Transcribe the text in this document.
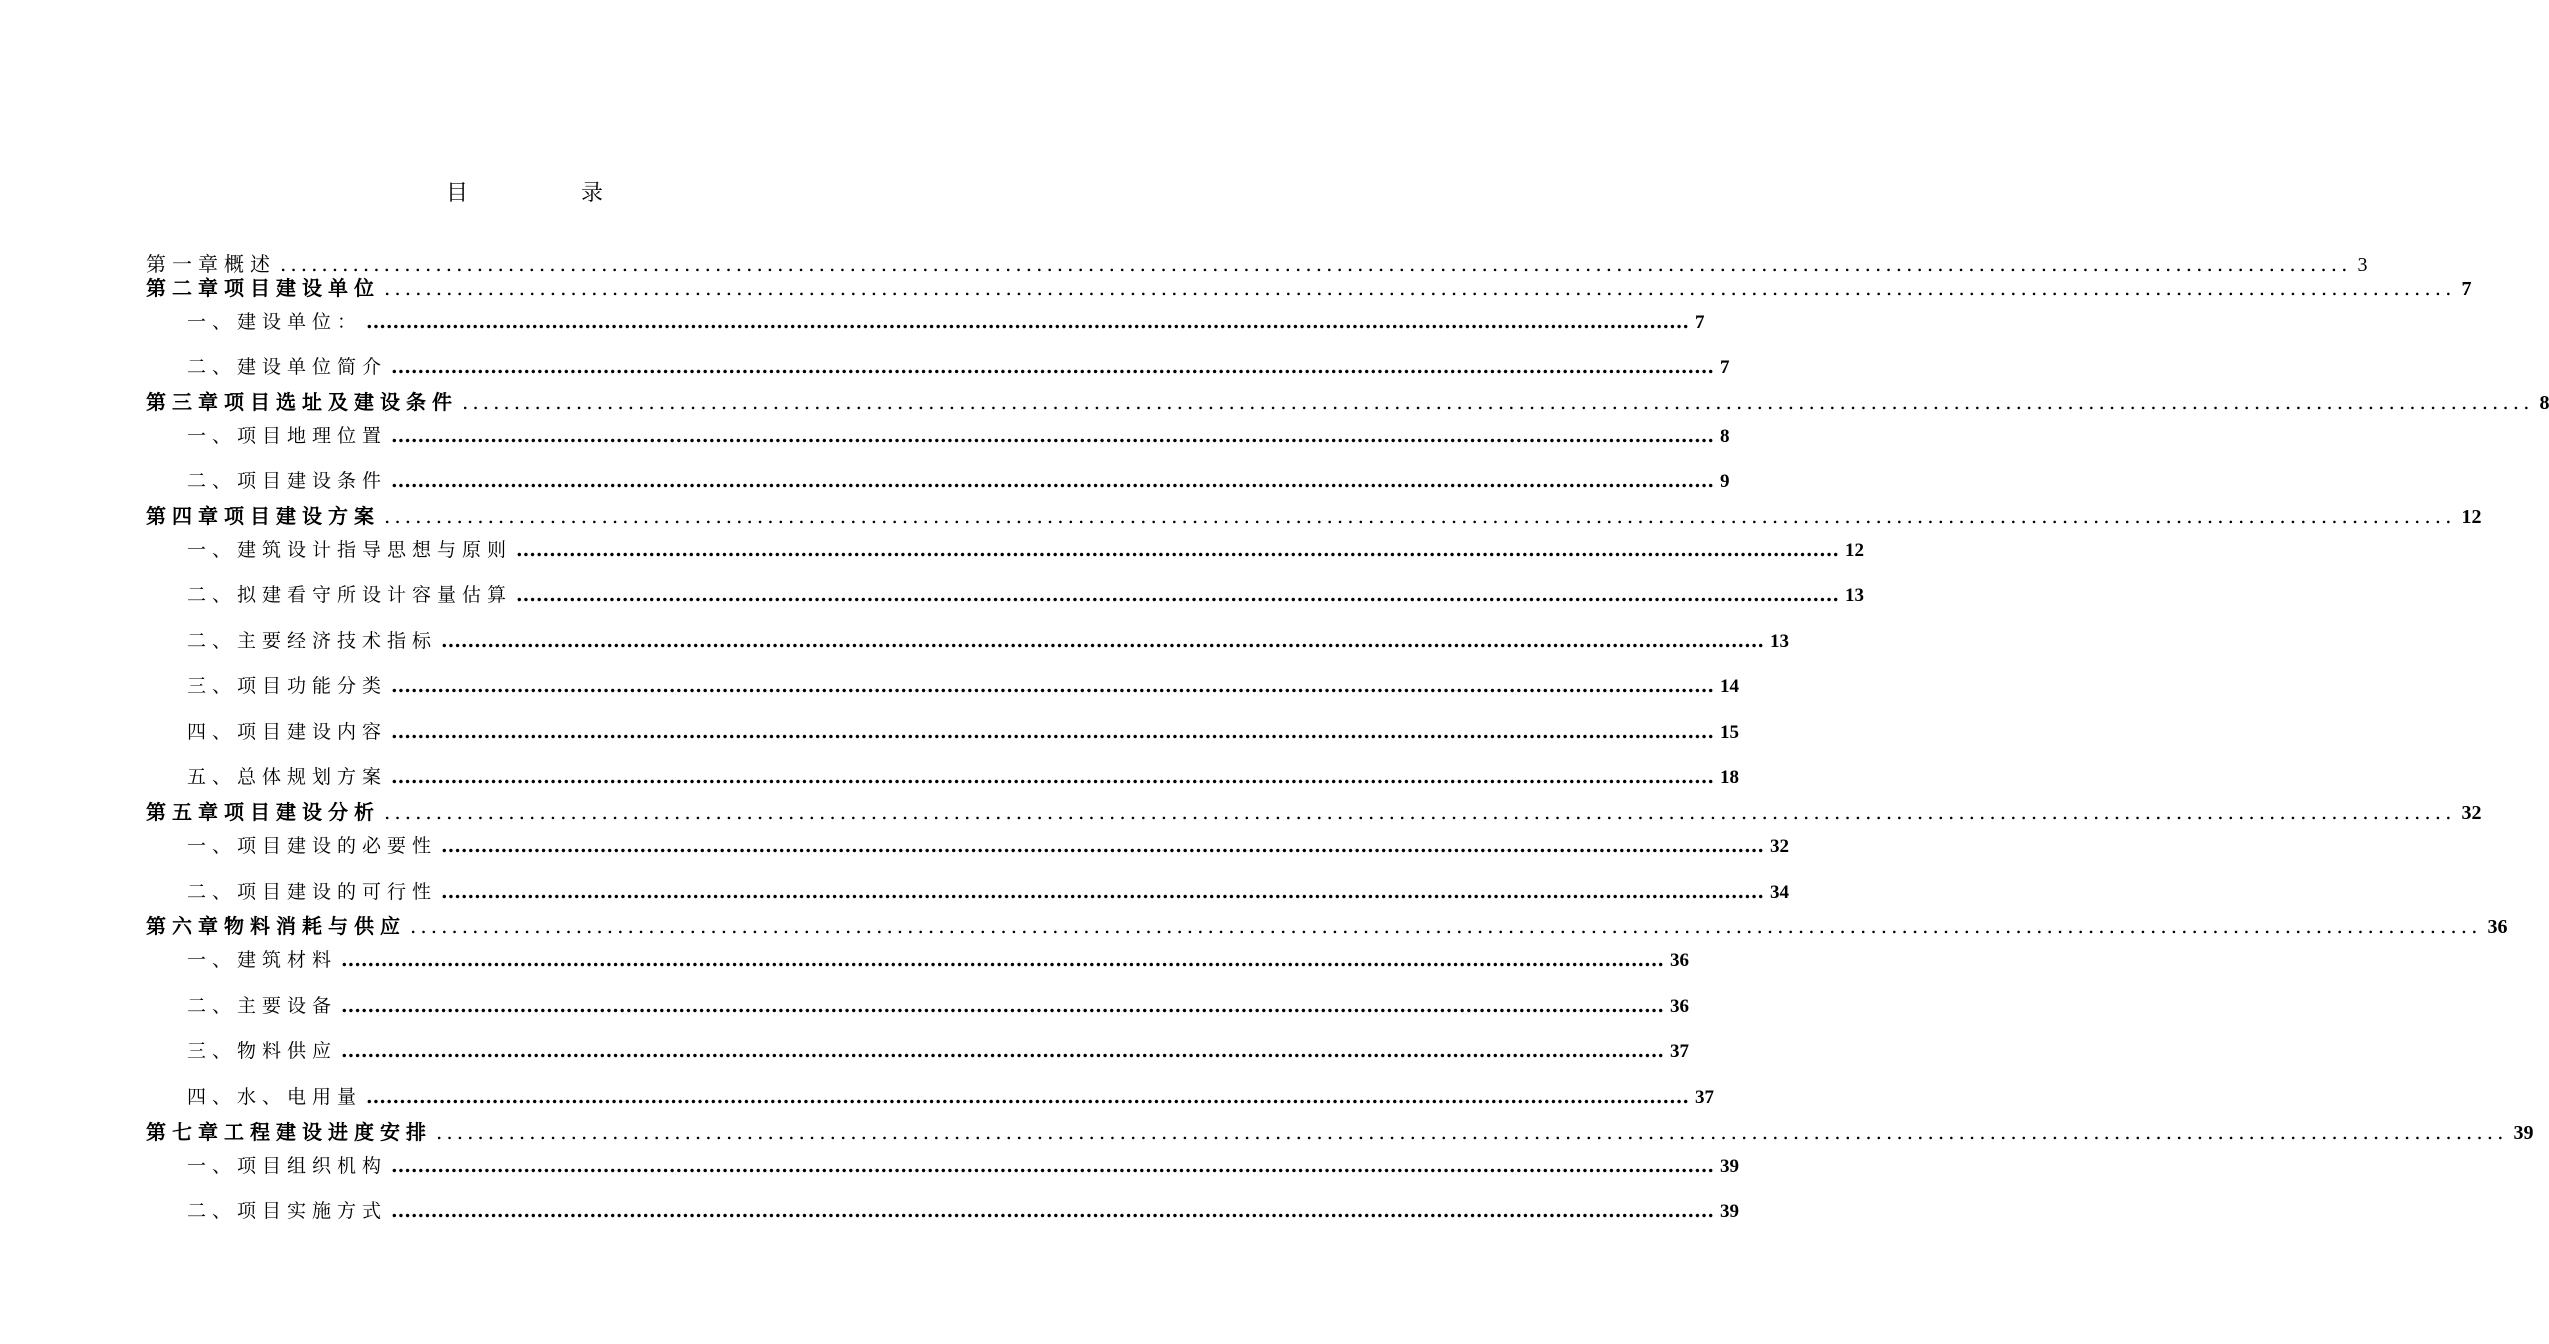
目	录
第一章 概述 ........................................................................................................................................................................................................ 3
第二章 项目建设单位 ........................................................................................................................................................................................................ 7
一、 建设单位： ........................................................................................................................................................................................................ 7
二、 建设单位简介 ........................................................................................................................................................................................................ 7
第三章 项目选址及建设条件 ........................................................................................................................................................................................................ 8
一、 项目地理位置 ........................................................................................................................................................................................................ 8
二、 项目建设条件 ........................................................................................................................................................................................................ 9
第四章 项目建设方案 ........................................................................................................................................................................................................ 12
一、 建筑设计指导思想与原则 ........................................................................................................................................................................................................ 12
二、 拟建看守所设计容量估算 ........................................................................................................................................................................................................ 13
二、 主要经济技术指标 ........................................................................................................................................................................................................ 13
三、 项目功能分类 ........................................................................................................................................................................................................ 14
四、 项目建设内容 ........................................................................................................................................................................................................ 15
五、 总体规划方案 ........................................................................................................................................................................................................ 18
第五章 项目建设分析 ........................................................................................................................................................................................................ 32
一、 项目建设的必要性 ........................................................................................................................................................................................................ 32
二、 项目建设的可行性 ........................................................................................................................................................................................................ 34
第六章 物料消耗与供应 ........................................................................................................................................................................................................ 36
一、 建筑材料 ........................................................................................................................................................................................................ 36
二、 主要设备 ........................................................................................................................................................................................................ 36
三、 物料供应 ........................................................................................................................................................................................................ 37
四、 水、电用量 ........................................................................................................................................................................................................ 37
第七章 工程建设进度安排 ........................................................................................................................................................................................................ 39
一、 项目组织机构 ........................................................................................................................................................................................................ 39
二、 项目实施方式 ........................................................................................................................................................................................................ 39
